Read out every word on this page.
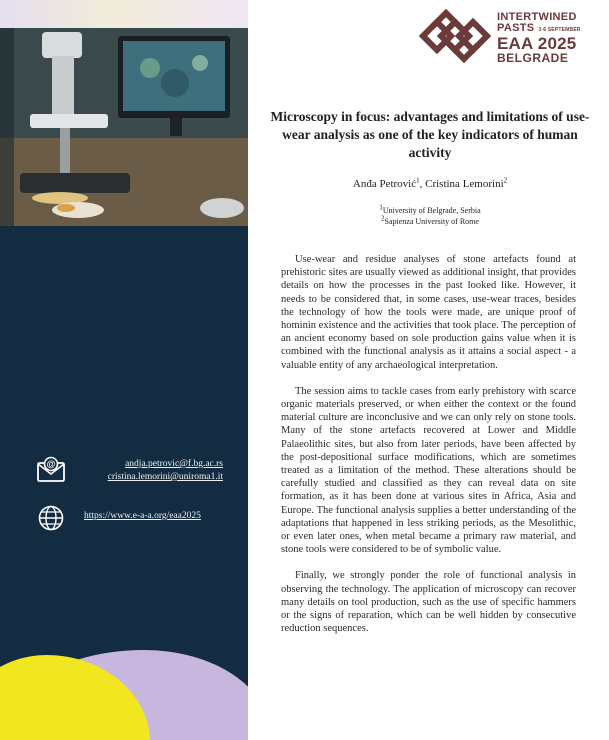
@	andja.petrovic@f.bg.ac.rs
cristina.lemorini@uniroma1.it
https://www.e-a-a.org/eaa2025
INTERTWINED
PASTS 3-6 SEPTEMBER
EAA 2025
BELGRADE
Microscopy in focus: advantages and limitations of use-wear analysis as one of the key indicators of human activity
Anđa Petrović$^1$, Cristina Lemorini$^2$
$^1$University of Belgrade, Serbia
$^2$Sapienza University of Rome

Use-wear and residue analyses of stone artefacts found at prehistoric sites are usually viewed as additional insight, that provides details on how the processes in the past looked like. However, it needs to be considered that, in some cases, use-wear traces, besides the technology of how the tools were made, are unique proof of hominin existence and the activities that took place. The perception of an ancient economy based on sole production gains value when it is combined with the functional analysis as it attains a social aspect - a valuable entity of any archaeological interpretation.

The session aims to tackle cases from early prehistory with scarce organic materials preserved, or when either the context or the found material culture are inconclusive and we can only rely on stone tools. Many of the stone artefacts recovered at Lower and Middle Palaeolithic sites, but also from later periods, have been affected by the post-depositional surface modifications, which are sometimes treated as a limitation of the method. These alterations should be carefully studied and classified as they can reveal data on site formation, as it has been done at various sites in Africa, Asia and Europe. The functional analysis supplies a better understanding of the adaptations that happened in less striking periods, as the Mesolithic, or even later ones, when metal became a primary raw material, and stone tools were considered to be of symbolic value.

Finally, we strongly ponder the role of functional analysis in observing the technology. The application of microscopy can recover many details on tool production, such as the use of specific hammers or the signs of reparation, which can be well hidden by consecutive reduction sequences.
